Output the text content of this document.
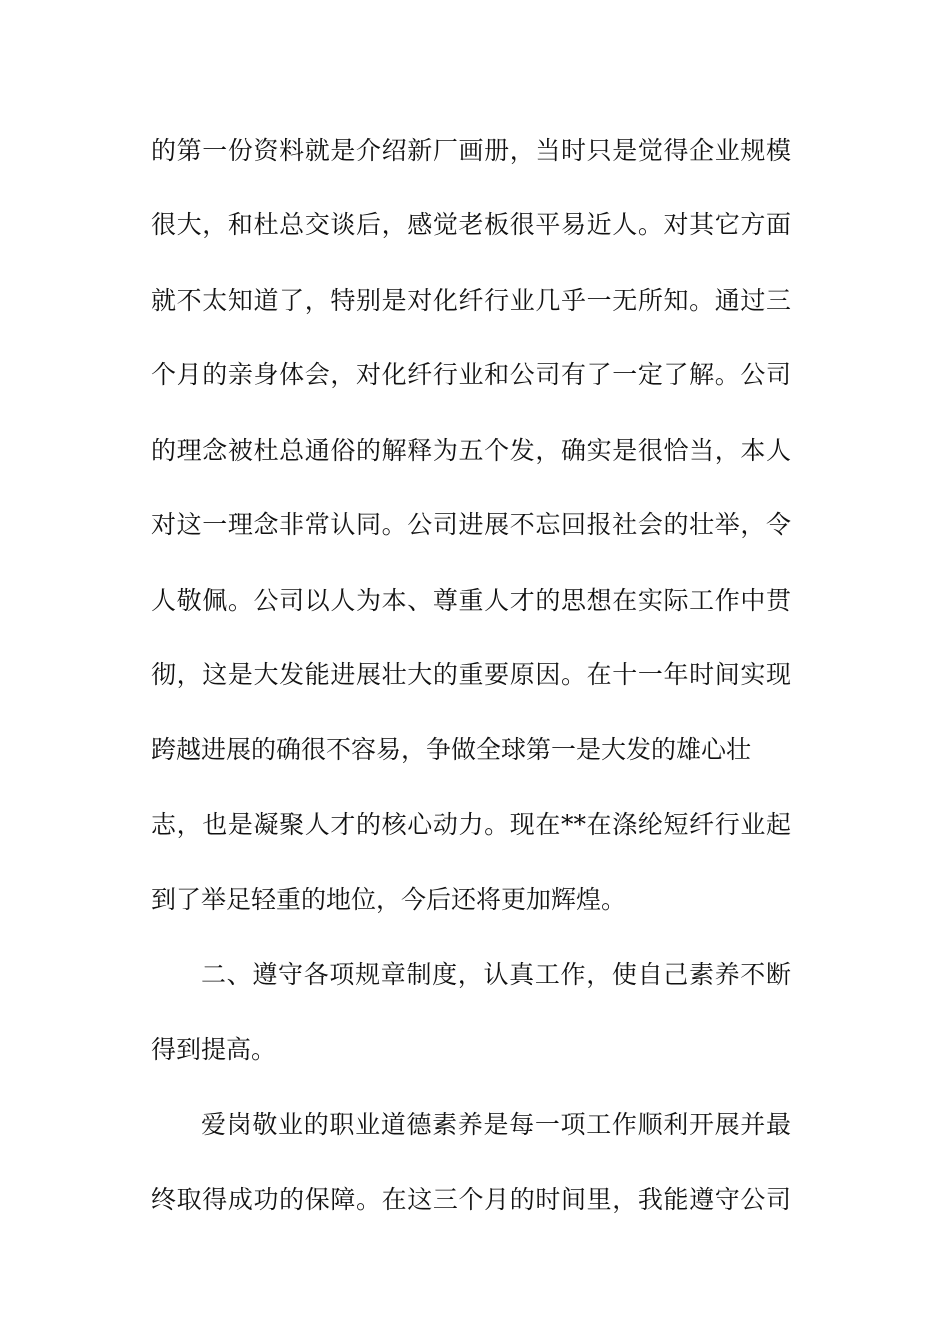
的第一份资料就是介绍新厂画册，当时只是觉得企业规模
很大，和杜总交谈后，感觉老板很平易近人。对其它方面
就不太知道了，特别是对化纤行业几乎一无所知。通过三
个月的亲身体会，对化纤行业和公司有了一定了解。公司
的理念被杜总通俗的解释为五个发，确实是很恰当，本人
对这一理念非常认同。公司进展不忘回报社会的壮举，令
人敬佩。公司以人为本、尊重人才的思想在实际工作中贯
彻，这是大发能进展壮大的重要原因。在十一年时间实现
跨越进展的确很不容易，争做全球第一是大发的雄心壮
志，也是凝聚人才的核心动力。现在**在涤纶短纤行业起
到了举足轻重的地位，今后还将更加辉煌。
二、遵守各项规章制度，认真工作，使自己素养不断
得到提高。
爱岗敬业的职业道德素养是每一项工作顺利开展并最
终取得成功的保障。在这三个月的时间里，我能遵守公司
